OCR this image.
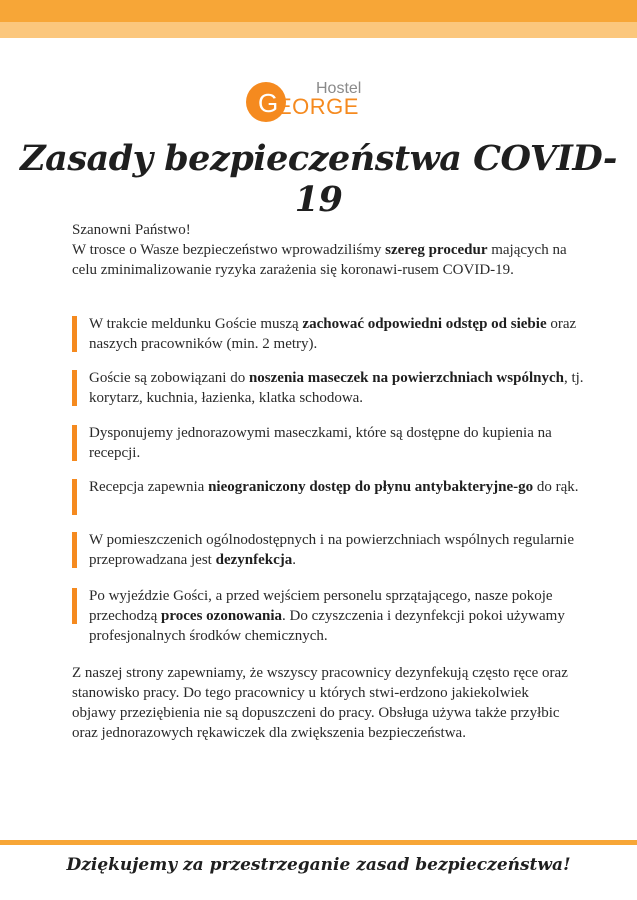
G Hostel
EORGE
Zasady bezpieczeństwa COVID-19

Szanowni Państwo!

W trosce o Wasze bezpieczeństwo wprowadziliśmy szereg procedur mających na celu zminimalizowanie ryzyka zarażenia się koronawi-rusem COVID-19.

W trakcie meldunku Goście muszą zachować odpowiedni odstęp od siebie oraz naszych pracowników (min. 2 metry).
Goście są zobowiązani do noszenia maseczek na powierzchniach wspólnych, tj. korytarz, kuchnia, łazienka, klatka schodowa.
Dysponujemy jednorazowymi maseczkami, które są dostępne do kupienia na recepcji.
Recepcja zapewnia nieograniczony dostęp do płynu antybakteryjne-go do rąk.
W pomieszczenich ogólnodostępnych i na powierzchniach wspólnych regularnie przeprowadzana jest dezynfekcja.
Po wyjeździe Gości, a przed wejściem personelu sprzątającego, nasze pokoje przechodzą proces ozonowania. Do czyszczenia i dezynfekcji pokoi używamy profesjonalnych środków chemicznych.

Z naszej strony zapewniamy, że wszyscy pracownicy dezynfekują często ręce oraz stanowisko pracy. Do tego pracownicy u których stwi-erdzono jakiekolwiek objawy przeziębienia nie są dopuszczeni do pracy. Obsługa używa także przyłbic oraz jednorazowych rękawiczek dla zwiększenia bezpieczeństwa.

Dziękujemy za przestrzeganie zasad bezpieczeństwa!
